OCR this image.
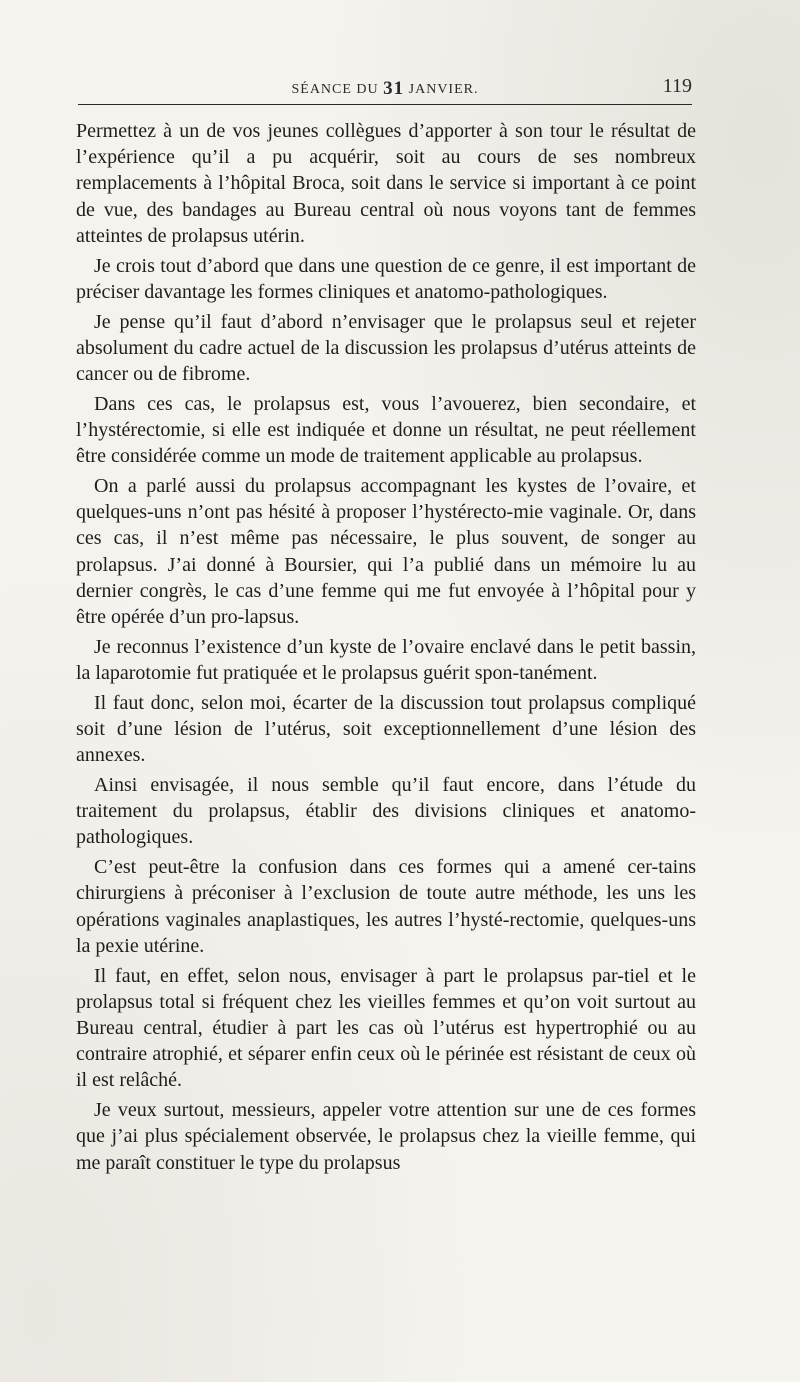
SÉANCE DU 31 JANVIER.	119

Permettez à un de vos jeunes collègues d’apporter à son tour le résultat de l’expérience qu’il a pu acquérir, soit au cours de ses nombreux remplacements à l’hôpital Broca, soit dans le service si important à ce point de vue, des bandages au Bureau central où nous voyons tant de femmes atteintes de prolapsus utérin.

Je crois tout d’abord que dans une question de ce genre, il est important de préciser davantage les formes cliniques et anatomo-pathologiques.

Je pense qu’il faut d’abord n’envisager que le prolapsus seul et rejeter absolument du cadre actuel de la discussion les prolapsus d’utérus atteints de cancer ou de fibrome.

Dans ces cas, le prolapsus est, vous l’avouerez, bien secondaire, et l’hystérectomie, si elle est indiquée et donne un résultat, ne peut réellement être considérée comme un mode de traitement applicable au prolapsus.

On a parlé aussi du prolapsus accompagnant les kystes de l’ovaire, et quelques-uns n’ont pas hésité à proposer l’hystérecto-mie vaginale. Or, dans ces cas, il n’est même pas nécessaire, le plus souvent, de songer au prolapsus. J’ai donné à Boursier, qui l’a publié dans un mémoire lu au dernier congrès, le cas d’une femme qui me fut envoyée à l’hôpital pour y être opérée d’un pro-lapsus.

Je reconnus l’existence d’un kyste de l’ovaire enclavé dans le petit bassin, la laparotomie fut pratiquée et le prolapsus guérit spon-tanément.

Il faut donc, selon moi, écarter de la discussion tout prolapsus compliqué soit d’une lésion de l’utérus, soit exceptionnellement d’une lésion des annexes.

Ainsi envisagée, il nous semble qu’il faut encore, dans l’étude du traitement du prolapsus, établir des divisions cliniques et anatomo-pathologiques.

C’est peut-être la confusion dans ces formes qui a amené cer-tains chirurgiens à préconiser à l’exclusion de toute autre méthode, les uns les opérations vaginales anaplastiques, les autres l’hysté-rectomie, quelques-uns la pexie utérine.

Il faut, en effet, selon nous, envisager à part le prolapsus par-tiel et le prolapsus total si fréquent chez les vieilles femmes et qu’on voit surtout au Bureau central, étudier à part les cas où l’utérus est hypertrophié ou au contraire atrophié, et séparer enfin ceux où le périnée est résistant de ceux où il est relâché.

Je veux surtout, messieurs, appeler votre attention sur une de ces formes que j’ai plus spécialement observée, le prolapsus chez la vieille femme, qui me paraît constituer le type du prolapsus
